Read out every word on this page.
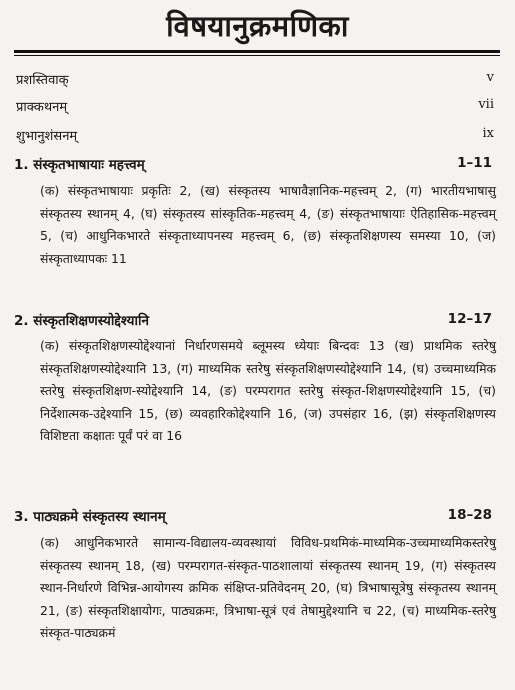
विषयानुक्रमणिका
प्रशस्तिवाक्	v
प्राक्कथनम्	vii
शुभानुशंसनम्	ix
1. संस्कृतभाषायाः महत्त्वम्	1–11
(क) संस्कृतभाषायाः प्रकृतिः 2, (ख) संस्कृतस्य भाषावैज्ञानिक-महत्त्वम् 2, (ग) भारतीयभाषासु संस्कृतस्य स्थानम् 4, (घ) संस्कृतस्य सांस्कृतिक-महत्त्वम् 4, (ङ) संस्कृतभाषायाः ऐतिहासिक-महत्त्वम् 5, (च) आधुनिकभारते संस्कृताध्यापनस्य महत्त्वम् 6, (छ) संस्कृतशिक्षणस्य समस्या 10, (ज) संस्कृताध्यापकः 11
2. संस्कृतशिक्षणस्योद्देश्यानि	12–17
(क) संस्कृतशिक्षणस्योद्देश्यानां निर्धारणसमये ब्लूमस्य ध्येयाः बिन्दवः 13 (ख) प्राथमिक स्तरेषु संस्कृतशिक्षणस्योद्देश्यानि 13, (ग) माध्यमिक स्तरेषु संस्कृतशिक्षणस्योद्देश्यानि 14, (घ) उच्चमाध्यमिक स्तरेषु संस्कृतशिक्षण-स्योद्देश्यानि 14, (ङ) परम्परागत स्तरेषु संस्कृत-शिक्षणस्योद्देश्यानि 15, (च) निर्देशात्मक-उद्देश्यानि 15, (छ) व्यवहारिकोद्देश्यानि 16, (ज) उपसंहार 16, (झ) संस्कृतशिक्षणस्य विशिष्टता कक्षातः पूर्वं परं वा 16
3. पाठ्यक्रमे संस्कृतस्य स्थानम्	18–28
(क) आधुनिकभारते सामान्य-विद्यालय-व्यवस्थायां विविध-प्रथमिकं-माध्यमिक-उच्चमाध्यमिकस्तरेषु संस्कृतस्य स्थानम् 18, (ख) परम्परागत-संस्कृत-पाठशालायां संस्कृतस्य स्थानम् 19, (ग) संस्कृतस्य स्थान-निर्धारणे विभिन्न-आयोगस्य क्रमिक संक्षिप्त-प्रतिवेदनम् 20, (घ) त्रिभाषासूत्रेषु संस्कृतस्य स्थानम् 21, (ङ) संस्कृतशिक्षायोगः, पाठ्यक्रमः, त्रिभाषा-सूत्रं एवं तेषामुद्देश्यानि च 22, (च) माध्यमिक-स्तरेषु संस्कृत-पाठ्यक्रमं
